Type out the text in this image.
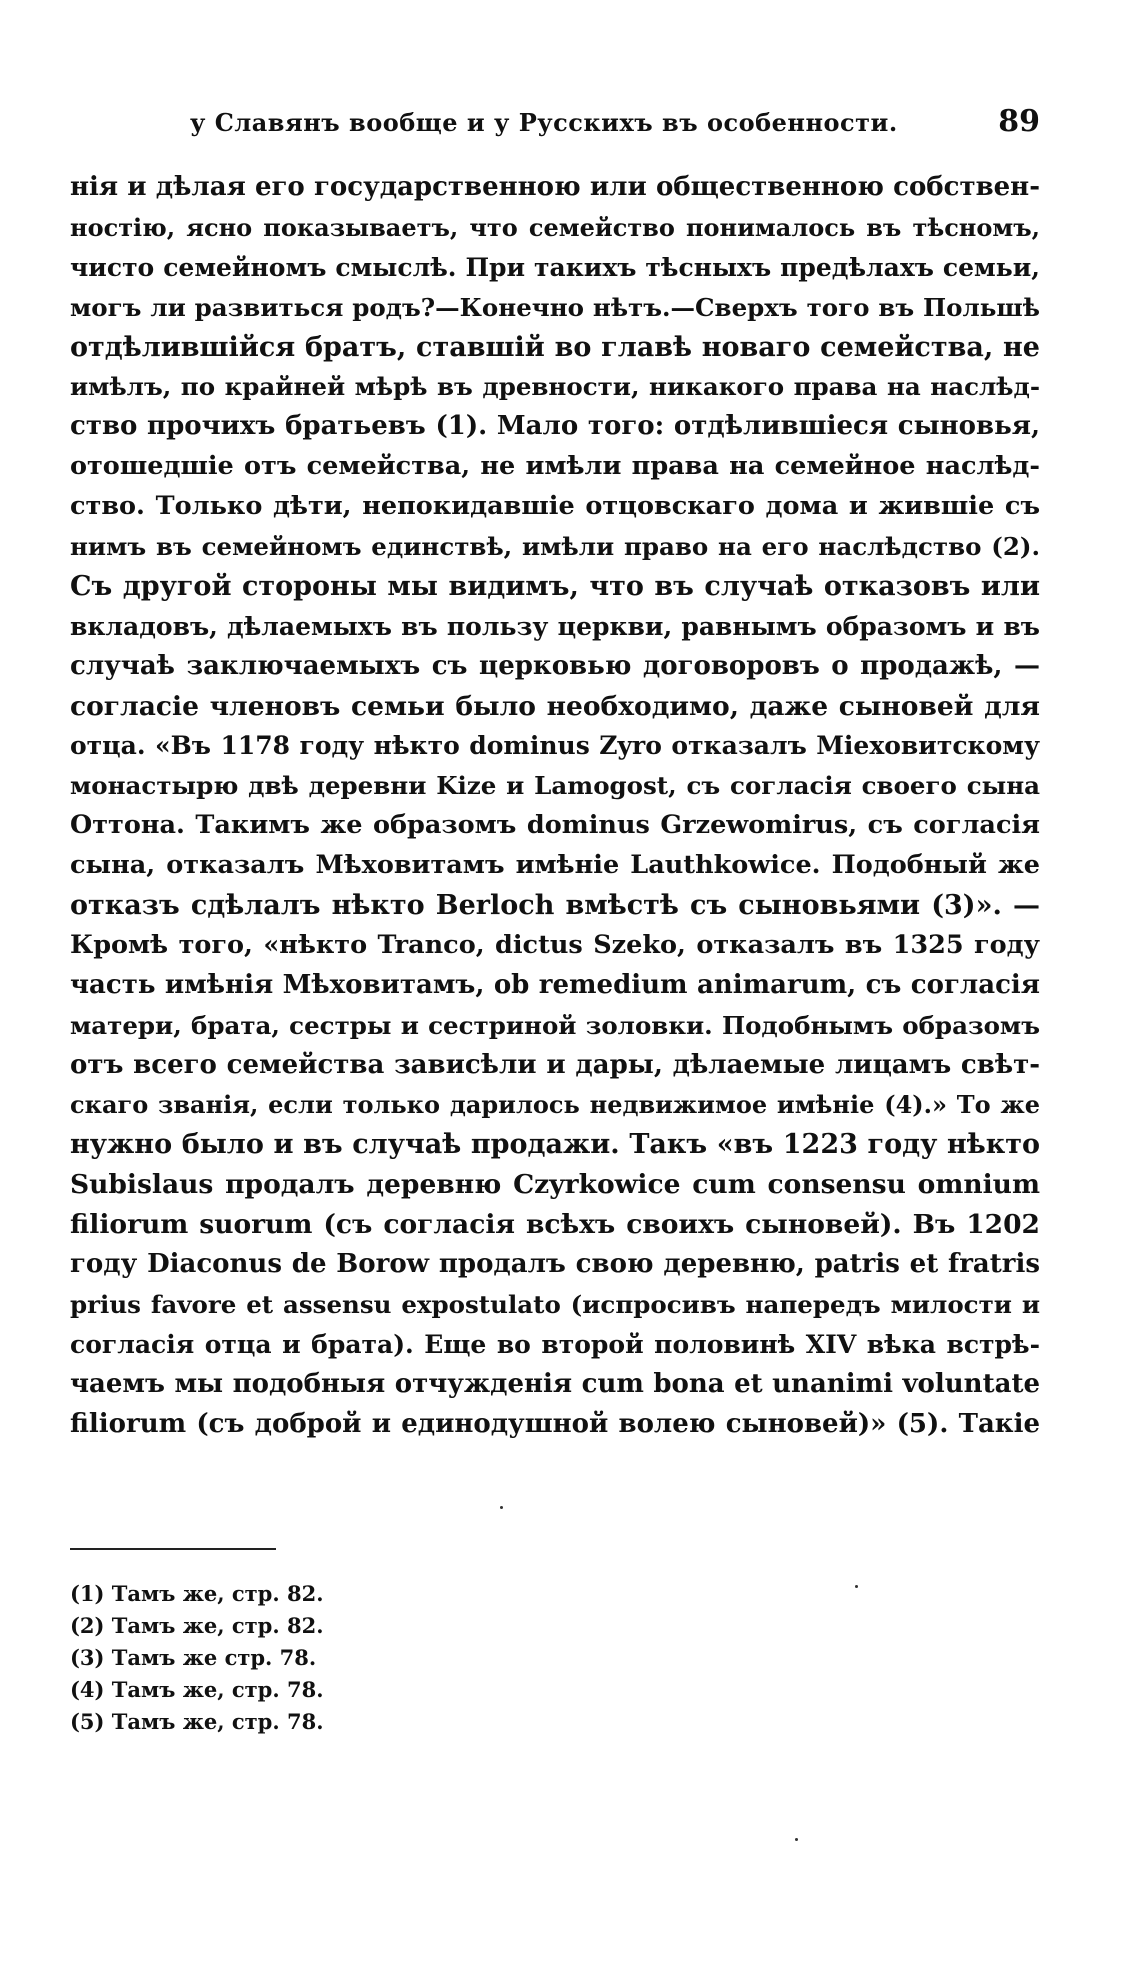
у Славянъ вообще и у Русскихъ въ особенности.	89
нія и дѣлая его государственною или общественною собствен-
ностію, ясно показываетъ, что семейство понималось въ тѣсномъ,
чисто семейномъ смыслѣ. При такихъ тѣсныхъ предѣлахъ семьи,
могъ ли развиться родъ?—Конечно нѣтъ.—Сверхъ того въ Польшѣ
отдѣлившійся братъ, ставшій во главѣ новаго семейства, не
имѣлъ, по крайней мѣрѣ въ древности, никакого права на наслѣд-
ство прочихъ братьевъ (1). Мало того: отдѣлившіеся сыновья,
отошедшіе отъ семейства, не имѣли права на семейное наслѣд-
ство. Только дѣти, непокидавшіе отцовскаго дома и жившіе съ
нимъ въ семейномъ единствѣ, имѣли право на его наслѣдство (2).
Съ другой стороны мы видимъ, что въ случаѣ отказовъ или
вкладовъ, дѣлаемыхъ въ пользу церкви, равнымъ образомъ и въ
случаѣ заключаемыхъ съ церковью договоровъ о продажѣ, —
согласіе членовъ семьи было необходимо, даже сыновей для
отца. «Въ 1178 году нѣкто dominus Zyro отказалъ Міеховитскому
монастырю двѣ деревни Kize и Lamogost, съ согласія своего сына
Оттона. Такимъ же образомъ dominus Grzewomirus, съ согласія
сына, отказалъ Мѣховитамъ имѣніе Lauthkowice. Подобный же
отказъ сдѣлалъ нѣкто Berloch вмѣстѣ съ сыновьями (3)». —
Кромѣ того, «нѣкто Tranco, dictus Szeko, отказалъ въ 1325 году
часть имѣнія Мѣховитамъ, ob remedium animarum, съ согласія
матери, брата, сестры и сестриной золовки. Подобнымъ образомъ
отъ всего семейства зависѣли и дары, дѣлаемые лицамъ свѣт-
скаго званія, если только дарилось недвижимое имѣніе (4).» То же
нужно было и въ случаѣ продажи. Такъ «въ 1223 году нѣкто
Subislaus продалъ деревню Czyrkowice cum consensu omnium
filiorum suorum (съ согласія всѣхъ своихъ сыновей). Въ 1202
году Diaconus de Borow продалъ свою деревню, patris et fratris
prius favore et assensu expostulato (испросивъ напередъ милости и
согласія отца и брата). Еще во второй половинѣ XIV вѣка встрѣ-
чаемъ мы подобныя отчужденія cum bona et unanimi voluntate
filiorum (съ доброй и единодушной волею сыновей)» (5). Такіе
(1) Тамъ же, стр. 82.
(2) Тамъ же, стр. 82.
(3) Тамъ же стр. 78.
(4) Тамъ же, стр. 78.
(5) Тамъ же, стр. 78.
